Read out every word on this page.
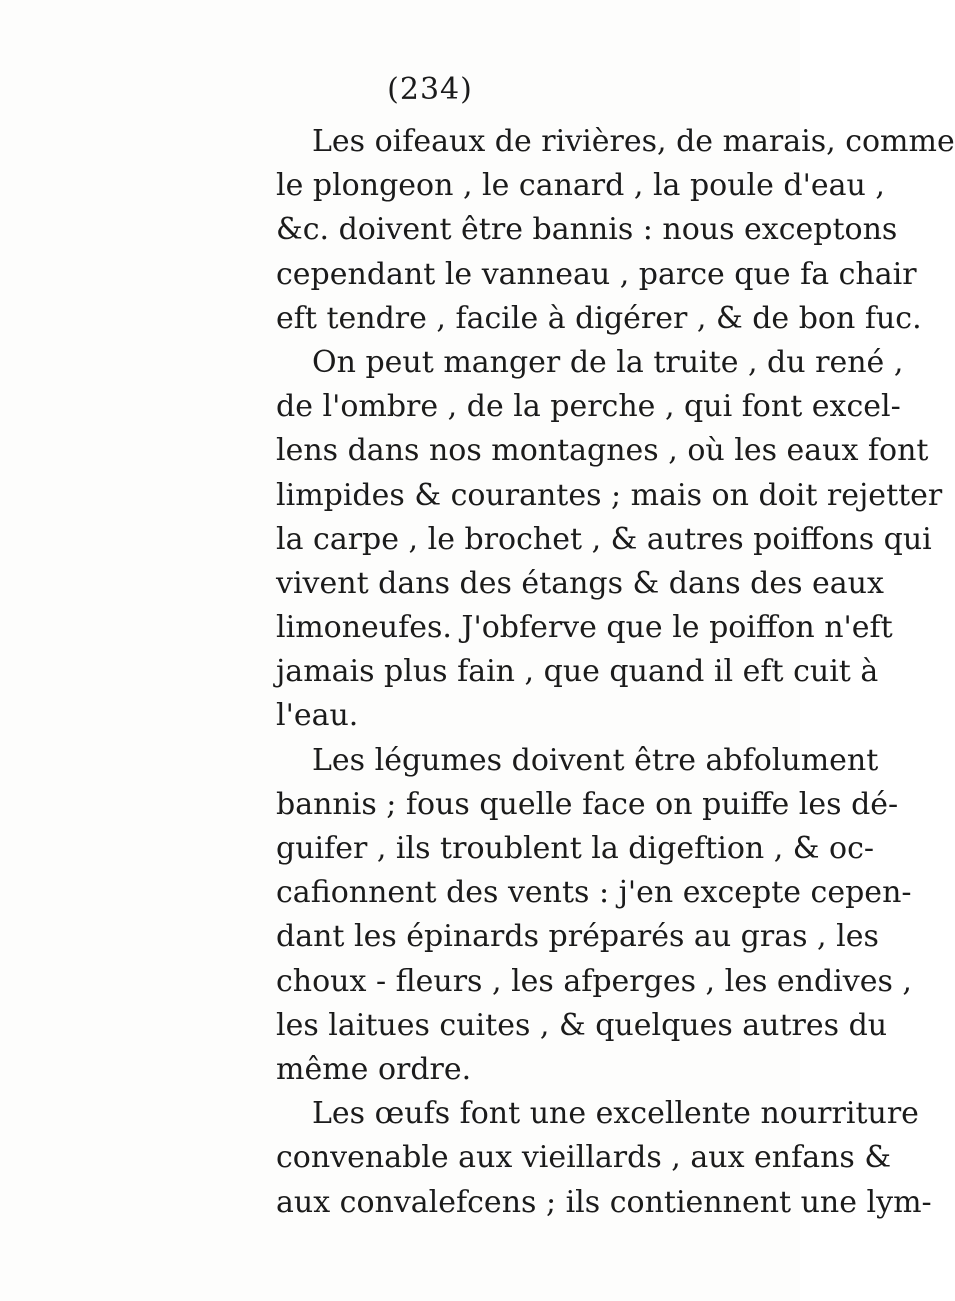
(234)
Les oifeaux de rivières, de marais, comme
le plongeon , le canard , la poule d'eau ,
&c. doivent être bannis : nous exceptons
cependant le vanneau , parce que fa chair
eft tendre , facile à digérer , & de bon fuc.
On peut manger de la truite , du rené ,
de l'ombre , de la perche , qui font excel-
lens dans nos montagnes , où les eaux font
limpides & courantes ; mais on doit rejetter
la carpe , le brochet , & autres poiffons qui
vivent dans des étangs & dans des eaux
limoneufes. J'obferve que le poiffon n'eft
jamais plus fain , que quand il eft cuit à
l'eau.
Les légumes doivent être abfolument
bannis ; fous quelle face on puiffe les dé-
guifer , ils troublent la digeftion , & oc-
cafionnent des vents : j'en excepte cepen-
dant les épinards préparés au gras , les
choux - fleurs , les afperges , les endives ,
les laitues cuites , & quelques autres du
même ordre.
Les œufs font une excellente nourriture
convenable aux vieillards , aux enfans &
aux convalefcens ; ils contiennent une lym-
